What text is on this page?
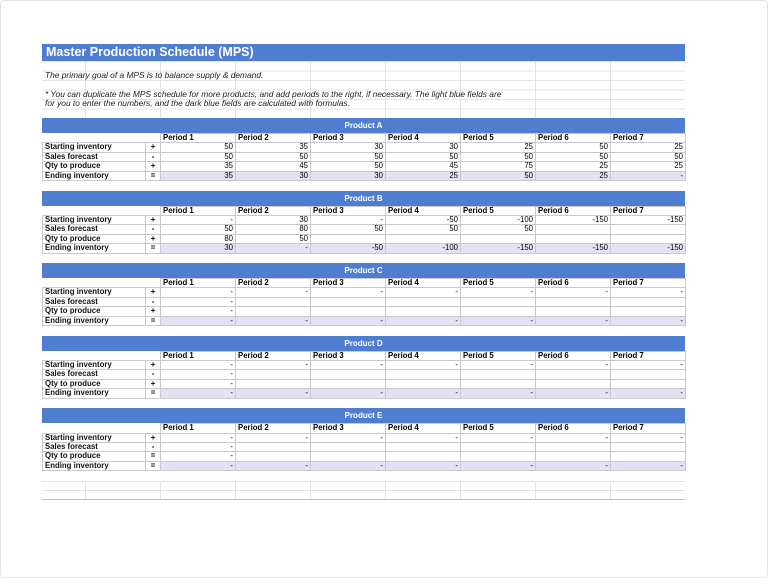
Master Production Schedule (MPS)
The primary goal of a MPS is to balance supply & demand.
* You can duplicate the MPS schedule for more products, and add periods to the right, if necessary. The light blue fields are
for you to enter the numbers, and the dark blue fields are calculated with formulas.
Product A
		Period 1	Period 2	Period 3	Period 4	Period 5	Period 6	Period 7
Starting inventory	+	50	35	30	30	25	50	25
Sales forecast	-	50	50	50	50	50	50	50
Qty to produce	+	35	45	50	45	75	25	25
Ending inventory	=	35	30	30	25	50	25	-
Product B
		Period 1	Period 2	Period 3	Period 4	Period 5	Period 6	Period 7
Starting inventory	+	-	30	-	-50	-100	-150	-150
Sales forecast	-	50	80	50	50	50		
Qty to produce	+	80	50					
Ending inventory	=	30	-	-50	-100	-150	-150	-150
Product C
		Period 1	Period 2	Period 3	Period 4	Period 5	Period 6	Period 7
Starting inventory	+	-	-	-	-	-	-	-
Sales forecast	-	-						
Qty to produce	+	-						
Ending inventory	=	-	-	-	-	-	-	-
Product D
		Period 1	Period 2	Period 3	Period 4	Period 5	Period 6	Period 7
Starting inventory	+	-	-	-	-	-	-	-
Sales forecast	-	-						
Qty to produce	+	-						
Ending inventory	=	-	-	-	-	-	-	-
Product E
		Period 1	Period 2	Period 3	Period 4	Period 5	Period 6	Period 7
Starting inventory	+	-	-	-	-	-	-	-
Sales forecast	-	-						
Qty to produce	=	-						
Ending inventory	=	-	-	-	-	-	-	-
